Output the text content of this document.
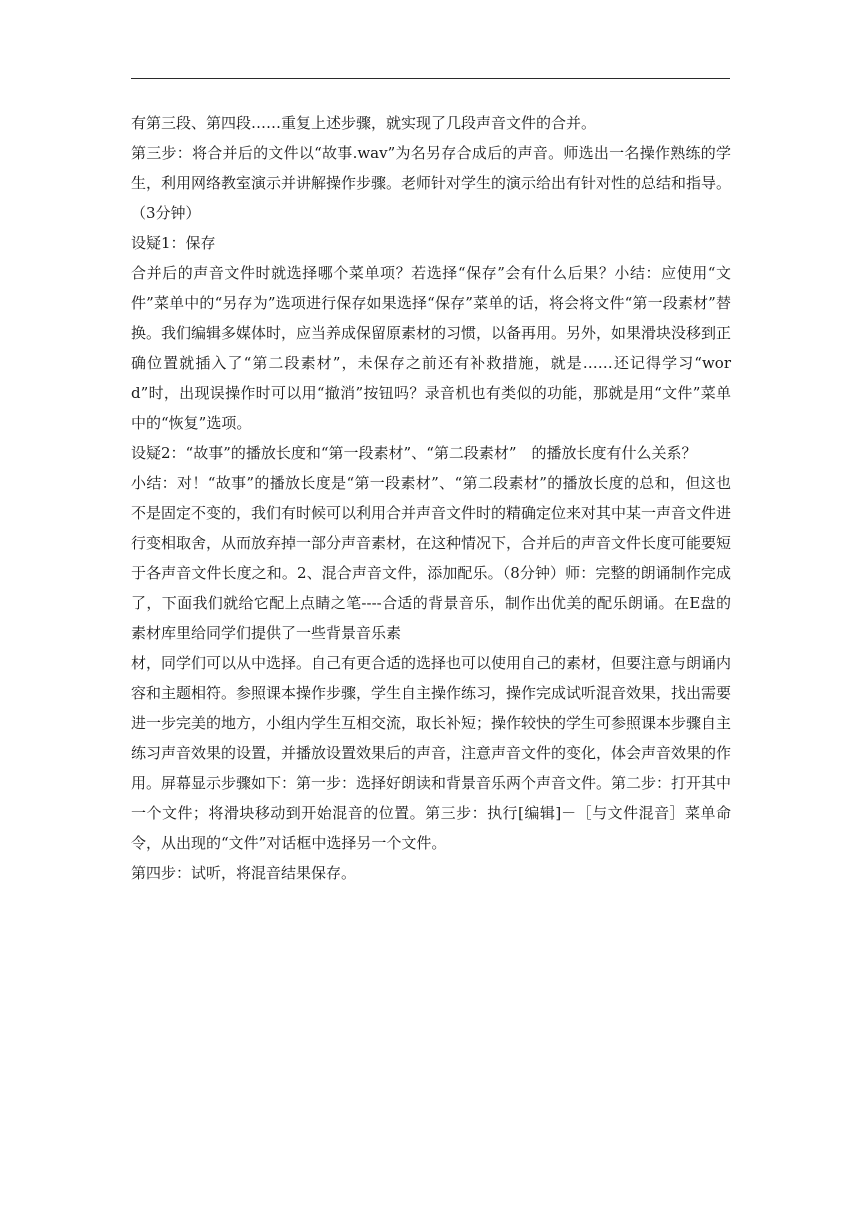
有第三段、第四段……重复上述步骤，就实现了几段声音文件的合并。

第三步：将合并后的文件以“故事.wav”为名另存合成后的声音。师选出一名操作熟练的学生，利用网络教室演示并讲解操作步骤。老师针对学生的演示给出有针对性的总结和指导。（3分钟）

设疑1：保存

合并后的声音文件时就选择哪个菜单项？若选择“保存”会有什么后果？小结：应使用“文件”菜单中的“另存为”选项进行保存如果选择“保存”菜单的话，将会将文件“第一段素材”替换。我们编辑多媒体时，应当养成保留原素材的习惯，以备再用。另外，如果滑块没移到正确位置就插入了“第二段素材”，未保存之前还有补救措施，就是……还记得学习“word”时，出现误操作时可以用“撤消”按钮吗？录音机也有类似的功能，那就是用“文件”菜单中的“恢复”选项。

设疑2：“故事”的播放长度和“第一段素材”、“第二段素材”　的播放长度有什么关系？

小结：对！“故事”的播放长度是“第一段素材”、“第二段素材”的播放长度的总和，但这也不是固定不变的，我们有时候可以利用合并声音文件时的精确定位来对其中某一声音文件进行变相取舍，从而放弃掉一部分声音素材，在这种情况下，合并后的声音文件长度可能要短于各声音文件长度之和。2、混合声音文件，添加配乐。（8分钟）师：完整的朗诵制作完成了，下面我们就给它配上点睛之笔----合适的背景音乐，制作出优美的配乐朗诵。在E盘的素材库里给同学们提供了一些背景音乐素

材，同学们可以从中选择。自己有更合适的选择也可以使用自己的素材，但要注意与朗诵内容和主题相符。参照课本操作步骤，学生自主操作练习，操作完成试听混音效果，找出需要进一步完美的地方，小组内学生互相交流，取长补短；操作较快的学生可参照课本步骤自主练习声音效果的设置，并播放设置效果后的声音，注意声音文件的变化，体会声音效果的作用。屏幕显示步骤如下：第一步：选择好朗读和背景音乐两个声音文件。第二步：打开其中一个文件；将滑块移动到开始混音的位置。第三步：执行[编辑]－［与文件混音］菜单命令，从出现的“文件”对话框中选择另一个文件。

第四步：试听，将混音结果保存。
